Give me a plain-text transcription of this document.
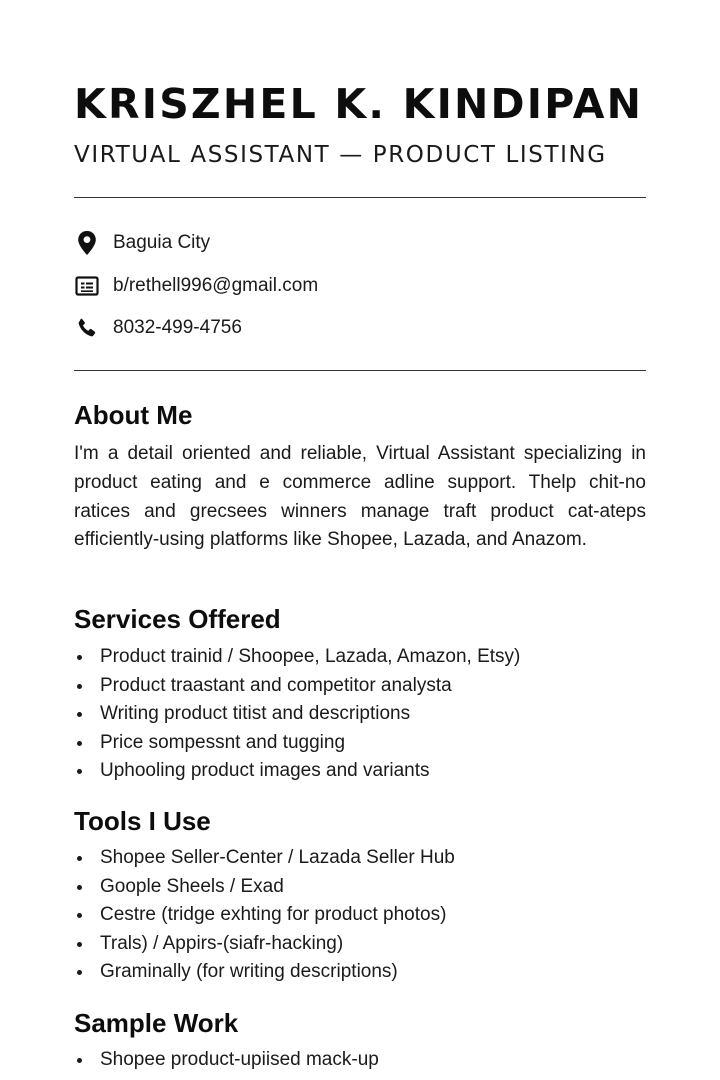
KRISZHEL K. KINDIPAN
VIRTUAL ASSISTANT — PRODUCT LISTING
Baguia City
b/rethell996@gmail.com
8032-499-4756
About Me

I'm a detail oriented and reliable, Virtual Assistant specializing in product eating and e commerce adline support. Thelp chit-no ratices and grecsees winners manage traft product cat-ateps efficiently-using platforms like Shopee, Lazada, and Anazom.

Services Offered
Product trainid / Shoopee, Lazada, Amazon, Etsy)
Product traastant and competitor analysta
Writing product titist and descriptions
Price sompessnt and tugging
Uphooling product images and variants
Tools I Use
Shopee Seller-Center / Lazada Seller Hub
Goople Sheels / Exad
Cestre (tridge exhting for product photos)
Trals) / Appirs-(siafr-hacking)
Graminally (for writing descriptions)
Sample Work
Shopee product-upiised mack-up
